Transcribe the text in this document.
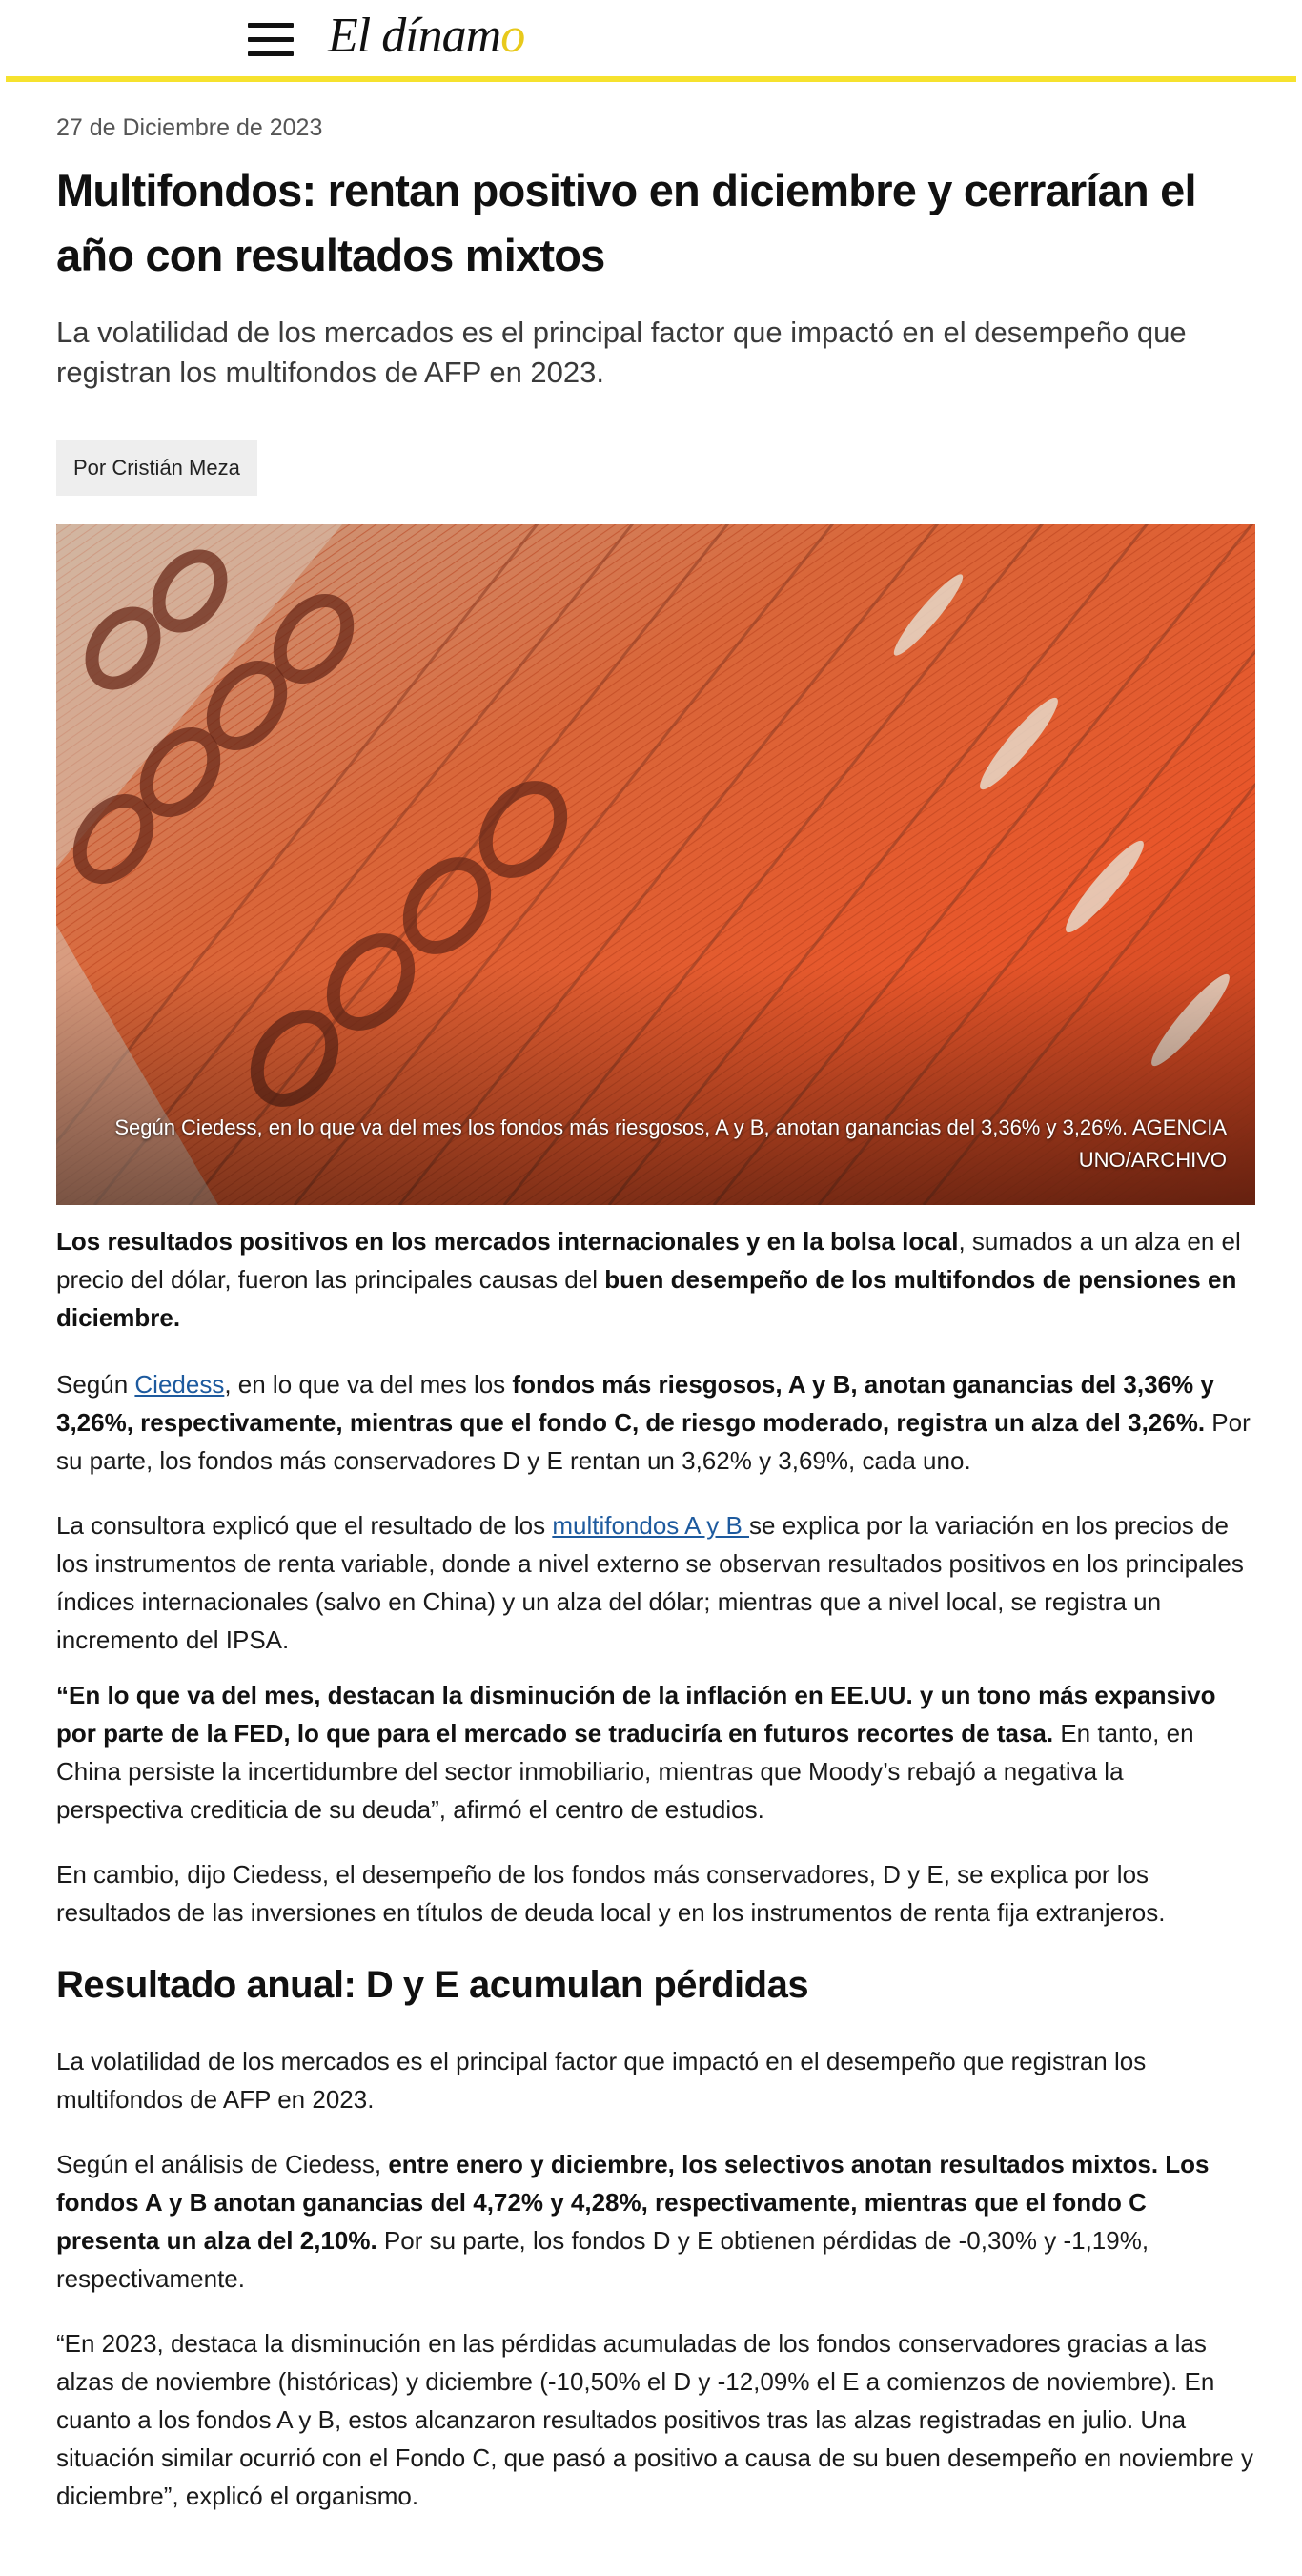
El dínamo
27 de Diciembre de 2023
Multifondos: rentan positivo en diciembre y cerrarían el año con resultados mixtos

La volatilidad de los mercados es el principal factor que impactó en el desempeño que registran los multifondos de AFP en 2023.

Por Cristián Meza
Según Ciedess, en lo que va del mes los fondos más riesgosos, A y B, anotan ganancias del 3,36% y 3,26%. AGENCIA UNO/ARCHIVO

Los resultados positivos en los mercados internacionales y en la bolsa local, sumados a un alza en el precio del dólar, fueron las principales causas del buen desempeño de los multifondos de pensiones en diciembre.

Según Ciedess, en lo que va del mes los fondos más riesgosos, A y B, anotan ganancias del 3,36% y 3,26%, respectivamente, mientras que el fondo C, de riesgo moderado, registra un alza del 3,26%. Por su parte, los fondos más conservadores D y E rentan un 3,62% y 3,69%, cada uno.

La consultora explicó que el resultado de los multifondos A y B se explica por la variación en los precios de los instrumentos de renta variable, donde a nivel externo se observan resultados positivos en los principales índices internacionales (salvo en China) y un alza del dólar; mientras que a nivel local, se registra un incremento del IPSA.

“En lo que va del mes, destacan la disminución de la inflación en EE.UU. y un tono más expansivo por parte de la FED, lo que para el mercado se traduciría en futuros recortes de tasa. En tanto, en China persiste la incertidumbre del sector inmobiliario, mientras que Moody’s rebajó a negativa la perspectiva crediticia de su deuda”, afirmó el centro de estudios.

En cambio, dijo Ciedess, el desempeño de los fondos más conservadores, D y E, se explica por los resultados de las inversiones en títulos de deuda local y en los instrumentos de renta fija extranjeros.

Resultado anual: D y E acumulan pérdidas

La volatilidad de los mercados es el principal factor que impactó en el desempeño que registran los multifondos de AFP en 2023.

Según el análisis de Ciedess, entre enero y diciembre, los selectivos anotan resultados mixtos. Los fondos A y B anotan ganancias del 4,72% y 4,28%, respectivamente, mientras que el fondo C presenta un alza del 2,10%. Por su parte, los fondos D y E obtienen pérdidas de -0,30% y -1,19%, respectivamente.

“En 2023, destaca la disminución en las pérdidas acumuladas de los fondos conservadores gracias a las alzas de noviembre (históricas) y diciembre (-10,50% el D y -12,09% el E a comienzos de noviembre). En cuanto a los fondos A y B, estos alcanzaron resultados positivos tras las alzas registradas en julio. Una situación similar ocurrió con el Fondo C, que pasó a positivo a causa de su buen desempeño en noviembre y diciembre”, explicó el organismo.
